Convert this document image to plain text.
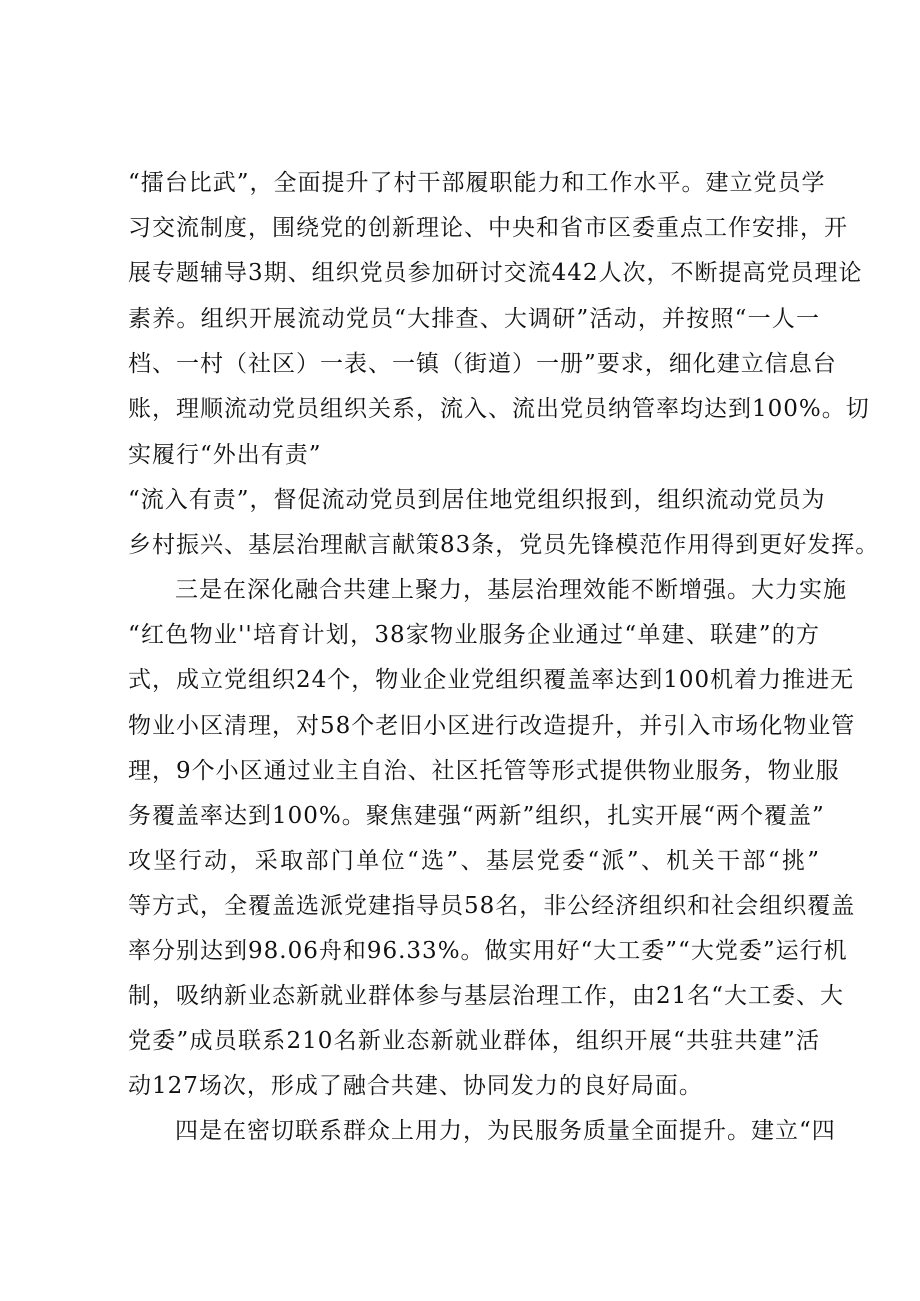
“擂台比武”，全面提升了村干部履职能力和工作水平。建立党员学
习交流制度，围绕党的创新理论、中央和省市区委重点工作安排，开
展专题辅导3期、组织党员参加研讨交流442人次，不断提高党员理论
素养。组织开展流动党员“大排查、大调研”活动，并按照“一人一
档、一村（社区）一表、一镇（街道）一册”要求，细化建立信息台
账，理顺流动党员组织关系，流入、流出党员纳管率均达到100%。切
实履行“外出有责”
“流入有责”，督促流动党员到居住地党组织报到，组织流动党员为
乡村振兴、基层治理献言献策83条，党员先锋模范作用得到更好发挥。
三是在深化融合共建上聚力，基层治理效能不断增强。大力实施
“红色物业''培育计划，38家物业服务企业通过“单建、联建”的方
式，成立党组织24个，物业企业党组织覆盖率达到100机着力推进无
物业小区清理，对58个老旧小区进行改造提升，并引入市场化物业管
理，9个小区通过业主自治、社区托管等形式提供物业服务，物业服
务覆盖率达到100%。聚焦建强“两新”组织，扎实开展“两个覆盖”
攻坚行动，采取部门单位“选”、基层党委“派”、机关干部“挑”
等方式，全覆盖选派党建指导员58名，非公经济组织和社会组织覆盖
率分别达到98.06舟和96.33%。做实用好“大工委”“大党委”运行机
制，吸纳新业态新就业群体参与基层治理工作，由21名“大工委、大
党委”成员联系210名新业态新就业群体，组织开展“共驻共建”活
动127场次，形成了融合共建、协同发力的良好局面。
四是在密切联系群众上用力，为民服务质量全面提升。建立“四
